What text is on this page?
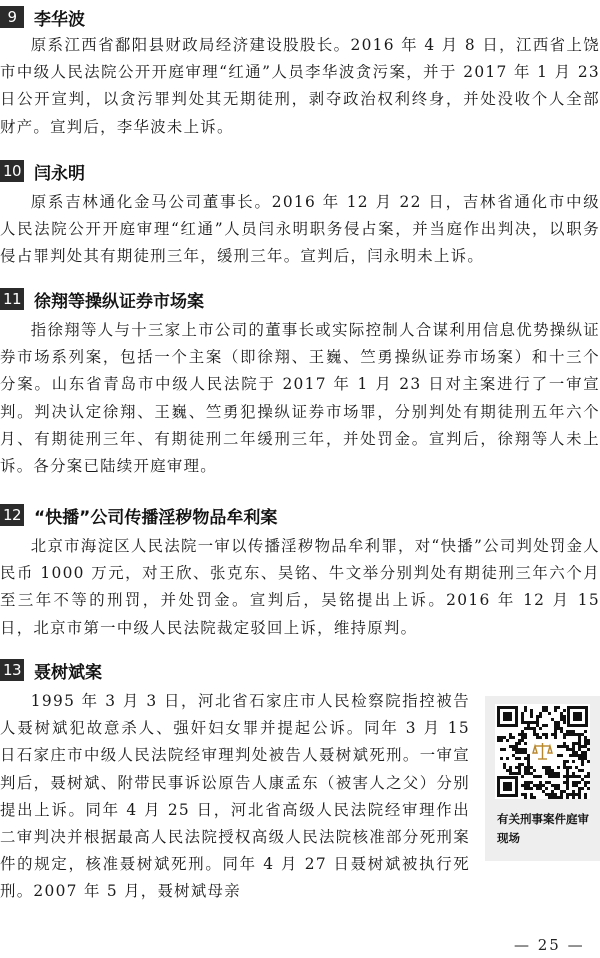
9	李华波

原系江西省鄱阳县财政局经济建设股股长。2016 年 4 月 8 日，江西省上饶市中级人民法院公开开庭审理“红通”人员李华波贪污案，并于 2017 年 1 月 23 日公开宣判，以贪污罪判处其无期徒刑，剥夺政治权利终身，并处没收个人全部财产。宣判后，李华波未上诉。

10 闫永明

原系吉林通化金马公司董事长。2016 年 12 月 22 日，吉林省通化市中级人民法院公开开庭审理“红通”人员闫永明职务侵占案，并当庭作出判决，以职务侵占罪判处其有期徒刑三年，缓刑三年。宣判后，闫永明未上诉。

11 徐翔等操纵证券市场案

指徐翔等人与十三家上市公司的董事长或实际控制人合谋利用信息优势操纵证券市场系列案，包括一个主案（即徐翔、王巍、竺勇操纵证券市场案）和十三个分案。山东省青岛市中级人民法院于 2017 年 1 月 23 日对主案进行了一审宣判。判决认定徐翔、王巍、竺勇犯操纵证券市场罪，分别判处有期徒刑五年六个月、有期徒刑三年、有期徒刑二年缓刑三年，并处罚金。宣判后，徐翔等人未上诉。各分案已陆续开庭审理。

12 “快播”公司传播淫秽物品牟利案

北京市海淀区人民法院一审以传播淫秽物品牟利罪，对“快播”公司判处罚金人民币 1000 万元，对王欣、张克东、吴铭、牛文举分别判处有期徒刑三年六个月至三年不等的刑罚，并处罚金。宣判后，吴铭提出上诉。2016 年 12 月 15 日，北京市第一中级人民法院裁定驳回上诉，维持原判。

13 聂树斌案

1995 年 3 月 3 日，河北省石家庄市人民检察院指控被告人聂树斌犯故意杀人、强奸妇女罪并提起公诉。同年 3 月 15 日石家庄市中级人民法院经审理判处被告人聂树斌死刑。一审宣判后，聂树斌、附带民事诉讼原告人康孟东（被害人之父）分别提出上诉。同年 4 月 25 日，河北省高级人民法院经审理作出二审判决并根据最高人民法院授权高级人民法院核准部分死刑案件的规定，核准聂树斌死刑。同年 4 月 27 日聂树斌被执行死刑。2007 年 5 月，聂树斌母亲

有关刑事案件庭审现场
— 25 —
